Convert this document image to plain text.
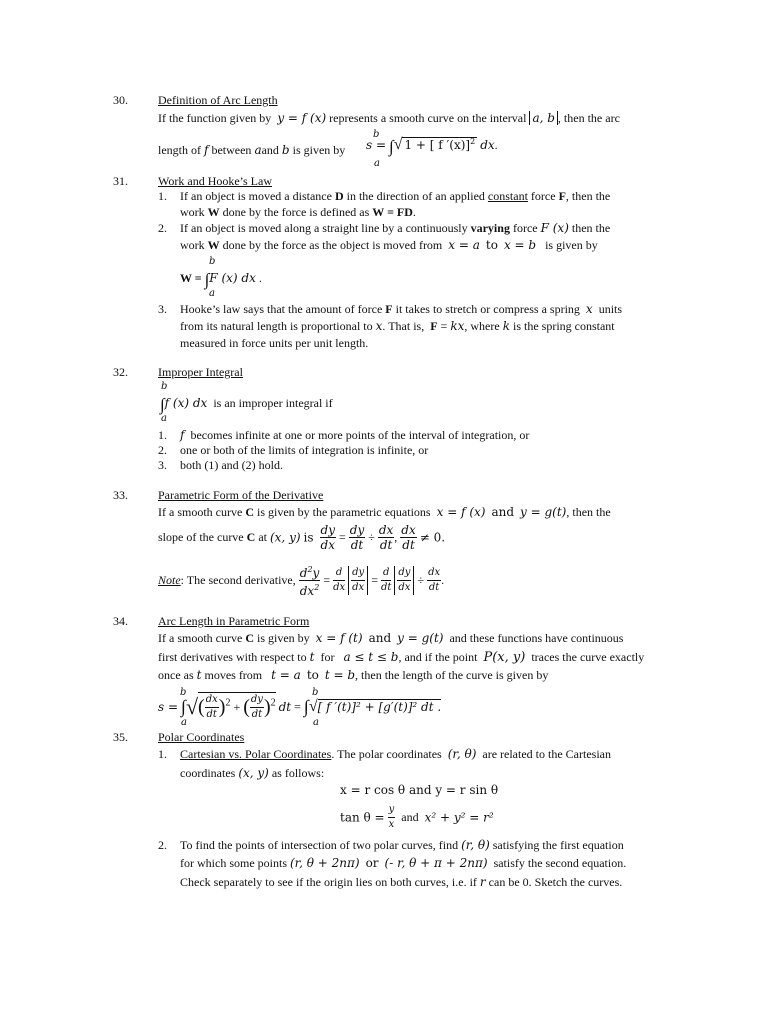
30.	Definition of Arc Length
If the function given by y = f (x) represents a smooth curve on the interval a, b , then the arc
b
length of f between aand b is given by s = ∫√ 1 + [ f ′(x)]$^2$ dx.
a
31.	Work and Hooke’s Law
1. If an object is moved a distance D in the direction of an applied constant force F, then the
work W done by the force is defined as W = FD.
2. If an object is moved along a straight line by a continuously varying force F (x) then the
work W done by the force as the object is moved from x = a to x = b is given by
b
W = ∫F (x) dx .
a
3. Hooke’s law says that the amount of force F it takes to stretch or compress a spring x units
from its natural length is proportional to x. That is, F = kx, where k is the spring constant
measured in force units per unit length.
32.	Improper Integral
b
∫f (x) dx is an improper integral if
a
1. f becomes infinite at one or more points of the interval of integration, or
2. one or both of the limits of integration is infinite, or
3. both (1) and (2) hold.
33.	Parametric Form of the Derivative
If a smooth curve C is given by the parametric equations x = f (x) and y = g(t), then the
slope of the curve C at (x, y) is $\frac{dy}{dx} = \frac{dy}{dt} \div \frac{dx}{dt}$ , $\frac{dx}{dt} \ne 0$.
Note: The second derivative, $\frac{d^2y}{dx^2} = \frac{d}{dx}$
$\frac{dy}{dx} = \frac{d}{dt}$
$\frac{dy}{dx} \div \frac{dx}{dt}$ .
34.	Arc Length in Parametric Form
If a smooth curve C is given by x = f (t) and y = g(t) and these functions have continuous
first derivatives with respect to t for a ≤ t ≤ b, and if the point P(x, y) traces the curve exactly
once as t moves from t = a to t = b, then the length of the curve is given by
b	b
s = ∫√( $\frac{dx}{dt} )^2$ + ( $\frac{dy}{dt} )^2$ dt = ∫√[ f ′(t)]² + [g′(t)]² dt .
a	a
35.	Polar Coordinates
1. Cartesian vs. Polar Coordinates. The polar coordinates (r, θ) are related to the Cartesian
coordinates (x, y) as follows:
x = r cos θ and y = r sin θ
$\tan \theta = \frac{y}{x}$ and x² + y² = r²
2. To find the points of intersection of two polar curves, find (r, θ) satisfying the first equation
for which some points (r, θ + 2nπ) or (- r, θ + π + 2nπ) satisfy the second equation.
Check separately to see if the origin lies on both curves, i.e. if r can be 0. Sketch the curves.
